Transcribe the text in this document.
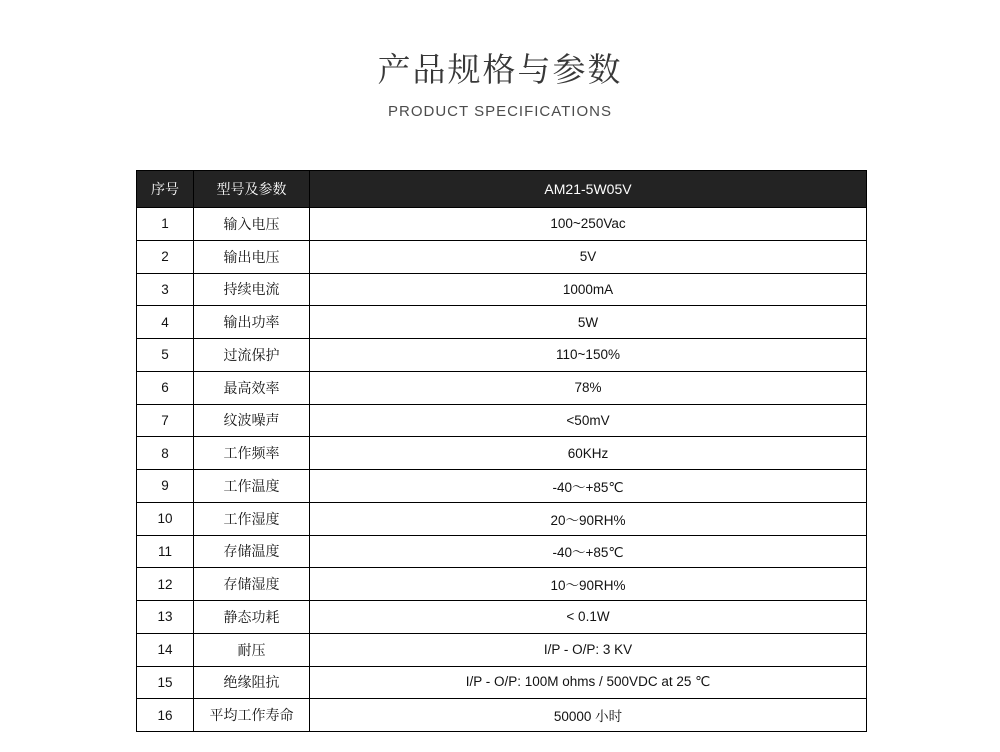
产品规格与参数
PRODUCT SPECIFICATIONS
序号	型号及参数	AM21-5W05V
1	输入电压	100~250Vac
2	输出电压	5V
3	持续电流	1000mA
4	输出功率	5W
5	过流保护	110~150%
6	最高效率	78%
7	纹波噪声	<50mV
8	工作频率	60KHz
9	工作温度	-40～+85℃
10	工作湿度	20～90RH%
11	存储温度	-40～+85℃
12	存储湿度	10～90RH%
13	静态功耗	< 0.1W
14	耐压	I/P - O/P: 3 KV
15	绝缘阻抗	I/P - O/P: 100M ohms / 500VDC at 25 ℃
16	平均工作寿命	50000 小时
